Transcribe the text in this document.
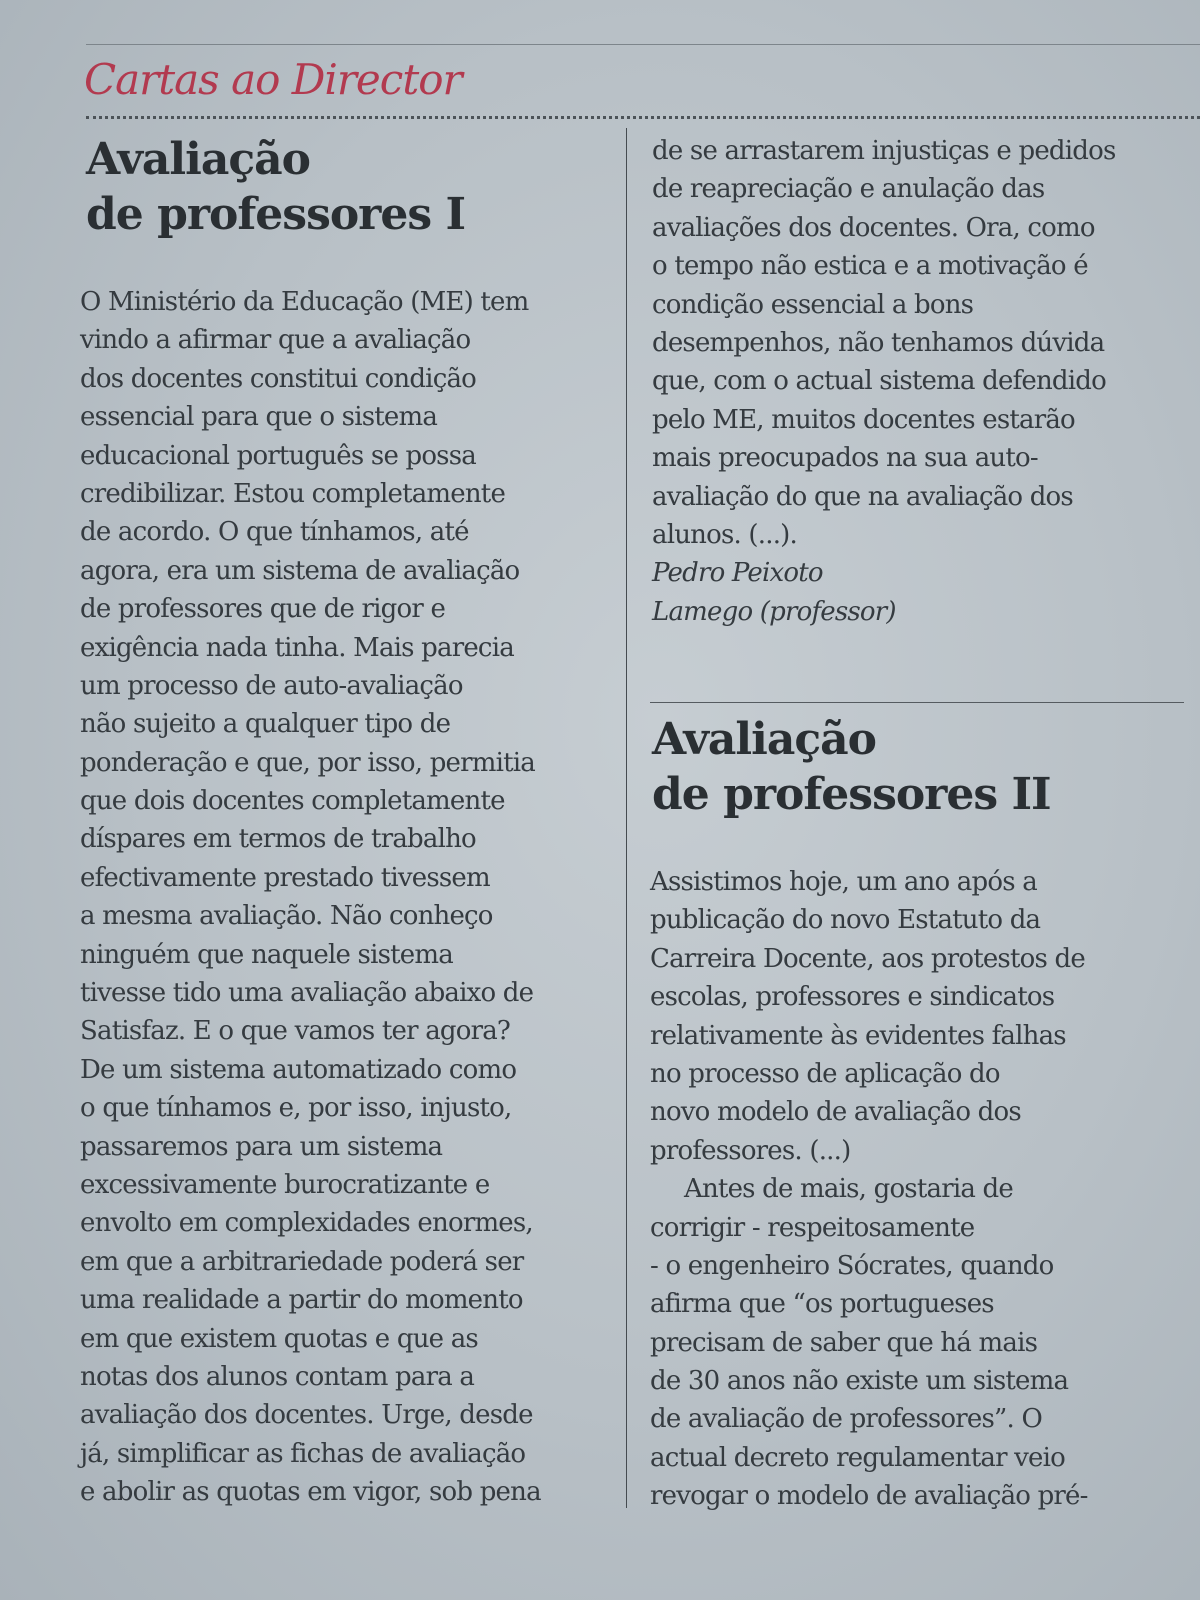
Cartas ao Director
Avaliação
de professores I
O Ministério da Educação (ME) tem
vindo a afirmar que a avaliação
dos docentes constitui condição
essencial para que o sistema
educacional português se possa
credibilizar. Estou completamente
de acordo. O que tínhamos, até
agora, era um sistema de avaliação
de professores que de rigor e
exigência nada tinha. Mais parecia
um processo de auto-avaliação
não sujeito a qualquer tipo de
ponderação e que, por isso, permitia
que dois docentes completamente
díspares em termos de trabalho
efectivamente prestado tivessem
a mesma avaliação. Não conheço
ninguém que naquele sistema
tivesse tido uma avaliação abaixo de
Satisfaz. E o que vamos ter agora?
De um sistema automatizado como
o que tínhamos e, por isso, injusto,
passaremos para um sistema
excessivamente burocratizante e
envolto em complexidades enormes,
em que a arbitrariedade poderá ser
uma realidade a partir do momento
em que existem quotas e que as
notas dos alunos contam para a
avaliação dos docentes. Urge, desde
já, simplificar as fichas de avaliação
e abolir as quotas em vigor, sob pena
de se arrastarem injustiças e pedidos
de reapreciação e anulação das
avaliações dos docentes. Ora, como
o tempo não estica e a motivação é
condição essencial a bons
desempenhos, não tenhamos dúvida
que, com o actual sistema defendido
pelo ME, muitos docentes estarão
mais preocupados na sua auto-
avaliação do que na avaliação dos
alunos. (...).
Pedro Peixoto
Lamego (professor)
Avaliação
de professores II
Assistimos hoje, um ano após a
publicação do novo Estatuto da
Carreira Docente, aos protestos de
escolas, professores e sindicatos
relativamente às evidentes falhas
no processo de aplicação do
novo modelo de avaliação dos
professores. (...)
Antes de mais, gostaria de
corrigir - respeitosamente
- o engenheiro Sócrates, quando
afirma que “os portugueses
precisam de saber que há mais
de 30 anos não existe um sistema
de avaliação de professores”. O
actual decreto regulamentar veio
revogar o modelo de avaliação pré-
